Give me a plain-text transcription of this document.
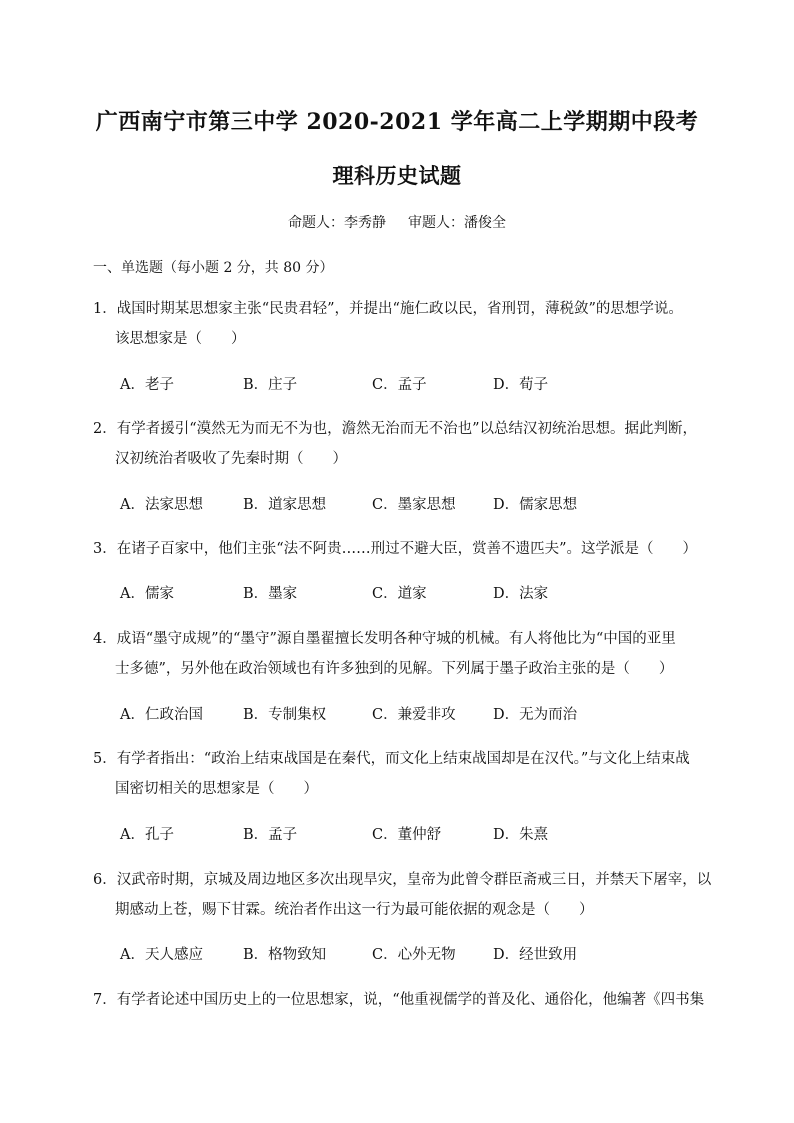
广西南宁市第三中学 2020-2021 学年高二上学期期中段考
理科历史试题
命题人：李秀静 审题人：潘俊全
一、单选题（每小题 2 分，共 80 分）
1．战国时期某思想家主张“民贵君轻”，并提出“施仁政以民，省刑罚，薄税敛”的思想学说。
该思想家是（　　）
A．老子	B．庄子	C．孟子	D．荀子
2．有学者援引“漠然无为而无不为也，澹然无治而无不治也”以总结汉初统治思想。据此判断，
汉初统治者吸收了先秦时期（　　）
A．法家思想	B．道家思想	C．墨家思想	D．儒家思想
3．在诸子百家中，他们主张“法不阿贵……刑过不避大臣，赏善不遗匹夫”。这学派是（　　）
A．儒家	B．墨家	C．道家	D．法家
4．成语“墨守成规”的“墨守”源自墨翟擅长发明各种守城的机械。有人将他比为“中国的亚里
士多德”，另外他在政治领域也有许多独到的见解。下列属于墨子政治主张的是（　　）
A．仁政治国	B．专制集权	C．兼爱非攻	D．无为而治
5．有学者指出：“政治上结束战国是在秦代，而文化上结束战国却是在汉代。”与文化上结束战
国密切相关的思想家是（　　）
A．孔子	B．孟子	C．董仲舒	D．朱熹
6．汉武帝时期，京城及周边地区多次出现旱灾，皇帝为此曾令群臣斋戒三日，并禁天下屠宰，以
期感动上苍，赐下甘霖。统治者作出这一行为最可能依据的观念是（　　）
A．天人感应	B．格物致知	C．心外无物	D．经世致用
7．有学者论述中国历史上的一位思想家，说，“他重视儒学的普及化、通俗化，他编著《四书集
